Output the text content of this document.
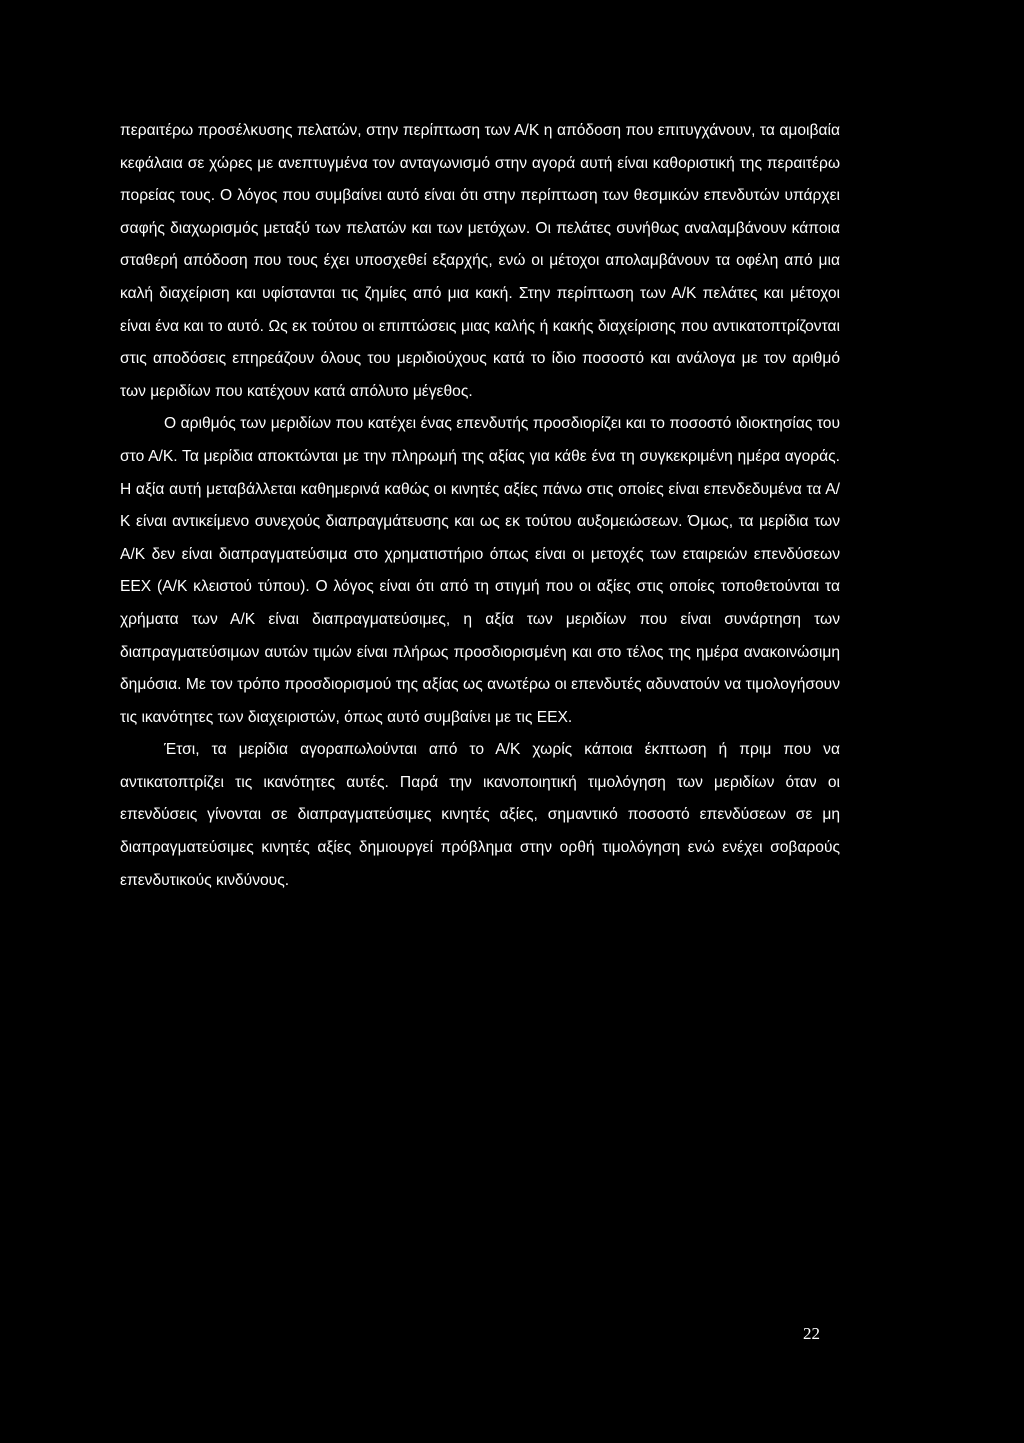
περαιτέρω προσέλκυσης πελατών, στην περίπτωση των Α/Κ η απόδοση που επιτυγχάνουν, τα αμοιβαία κεφάλαια σε χώρες με ανεπτυγμένα τον ανταγωνισμό στην αγορά αυτή είναι καθοριστική της περαιτέρω πορείας τους. Ο λόγος που συμβαίνει αυτό είναι ότι στην περίπτωση των θεσμικών επενδυτών υπάρχει σαφής διαχωρισμός μεταξύ των πελατών και των μετόχων. Οι πελάτες συνήθως αναλαμβάνουν κάποια σταθερή απόδοση που τους έχει υποσχεθεί εξαρχής, ενώ οι μέτοχοι απολαμβάνουν τα οφέλη από μια καλή διαχείριση και υφίστανται τις ζημίες από μια κακή. Στην περίπτωση των Α/Κ πελάτες και μέτοχοι είναι ένα και το αυτό. Ως εκ τούτου οι επιπτώσεις μιας καλής ή κακής διαχείρισης που αντικατοπτρίζονται στις αποδόσεις επηρεάζουν όλους του μεριδιούχους κατά το ίδιο ποσοστό και ανάλογα με τον αριθμό των μεριδίων που κατέχουν κατά απόλυτο μέγεθος.

Ο αριθμός των μεριδίων που κατέχει ένας επενδυτής προσδιορίζει και το ποσοστό ιδιοκτησίας του στο Α/Κ. Τα μερίδια αποκτώνται με την πληρωμή της αξίας για κάθε ένα τη συγκεκριμένη ημέρα αγοράς. Η αξία αυτή μεταβάλλεται καθημερινά καθώς οι κινητές αξίες πάνω στις οποίες είναι επενδεδυμένα τα Α/Κ είναι αντικείμενο συνεχούς διαπραγμάτευσης και ως εκ τούτου αυξομειώσεων. Όμως, τα μερίδια των Α/Κ δεν είναι διαπραγματεύσιμα στο χρηματιστήριο όπως είναι οι μετοχές των εταιρειών επενδύσεων ΕΕΧ (Α/Κ κλειστού τύπου). Ο λόγος είναι ότι από τη στιγμή που οι αξίες στις οποίες τοποθετούνται τα χρήματα των Α/Κ είναι διαπραγματεύσιμες, η αξία των μεριδίων που είναι συνάρτηση των διαπραγματεύσιμων αυτών τιμών είναι πλήρως προσδιορισμένη και στο τέλος της ημέρα ανακοινώσιμη δημόσια. Με τον τρόπο προσδιορισμού της αξίας ως ανωτέρω οι επενδυτές αδυνατούν να τιμολογήσουν τις ικανότητες των διαχειριστών, όπως αυτό συμβαίνει με τις ΕΕΧ.

Έτσι, τα μερίδια αγοραπωλούνται από το Α/Κ χωρίς κάποια έκπτωση ή πριμ που να αντικατοπτρίζει τις ικανότητες αυτές. Παρά την ικανοποιητική τιμολόγηση των μεριδίων όταν οι επενδύσεις γίνονται σε διαπραγματεύσιμες κινητές αξίες, σημαντικό ποσοστό επενδύσεων σε μη διαπραγματεύσιμες κινητές αξίες δημιουργεί πρόβλημα στην ορθή τιμολόγηση ενώ ενέχει σοβαρούς επενδυτικούς κινδύνους.

22
